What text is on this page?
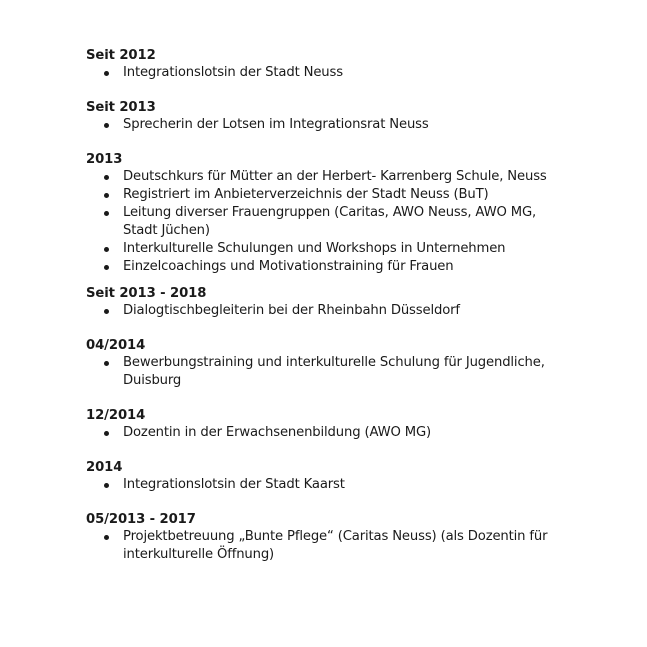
Seit 2012
Integrationslotsin der Stadt Neuss
Seit 2013
Sprecherin der Lotsen im Integrationsrat Neuss
2013
Deutschkurs für Mütter an der Herbert- Karrenberg Schule, Neuss
Registriert im Anbieterverzeichnis der Stadt Neuss (BuT)
Leitung diverser Frauengruppen (Caritas, AWO Neuss, AWO MG, Stadt Jüchen)
Interkulturelle Schulungen und Workshops in Unternehmen
Einzelcoachings und Motivationstraining für Frauen
Seit 2013 - 2018
Dialogtischbegleiterin bei der Rheinbahn Düsseldorf
04/2014
Bewerbungstraining und interkulturelle Schulung für Jugendliche, Duisburg
12/2014
Dozentin in der Erwachsenenbildung (AWO MG)
2014
Integrationslotsin der Stadt Kaarst
05/2013 - 2017
Projektbetreuung „Bunte Pflege“ (Caritas Neuss) (als Dozentin für interkulturelle Öffnung)
